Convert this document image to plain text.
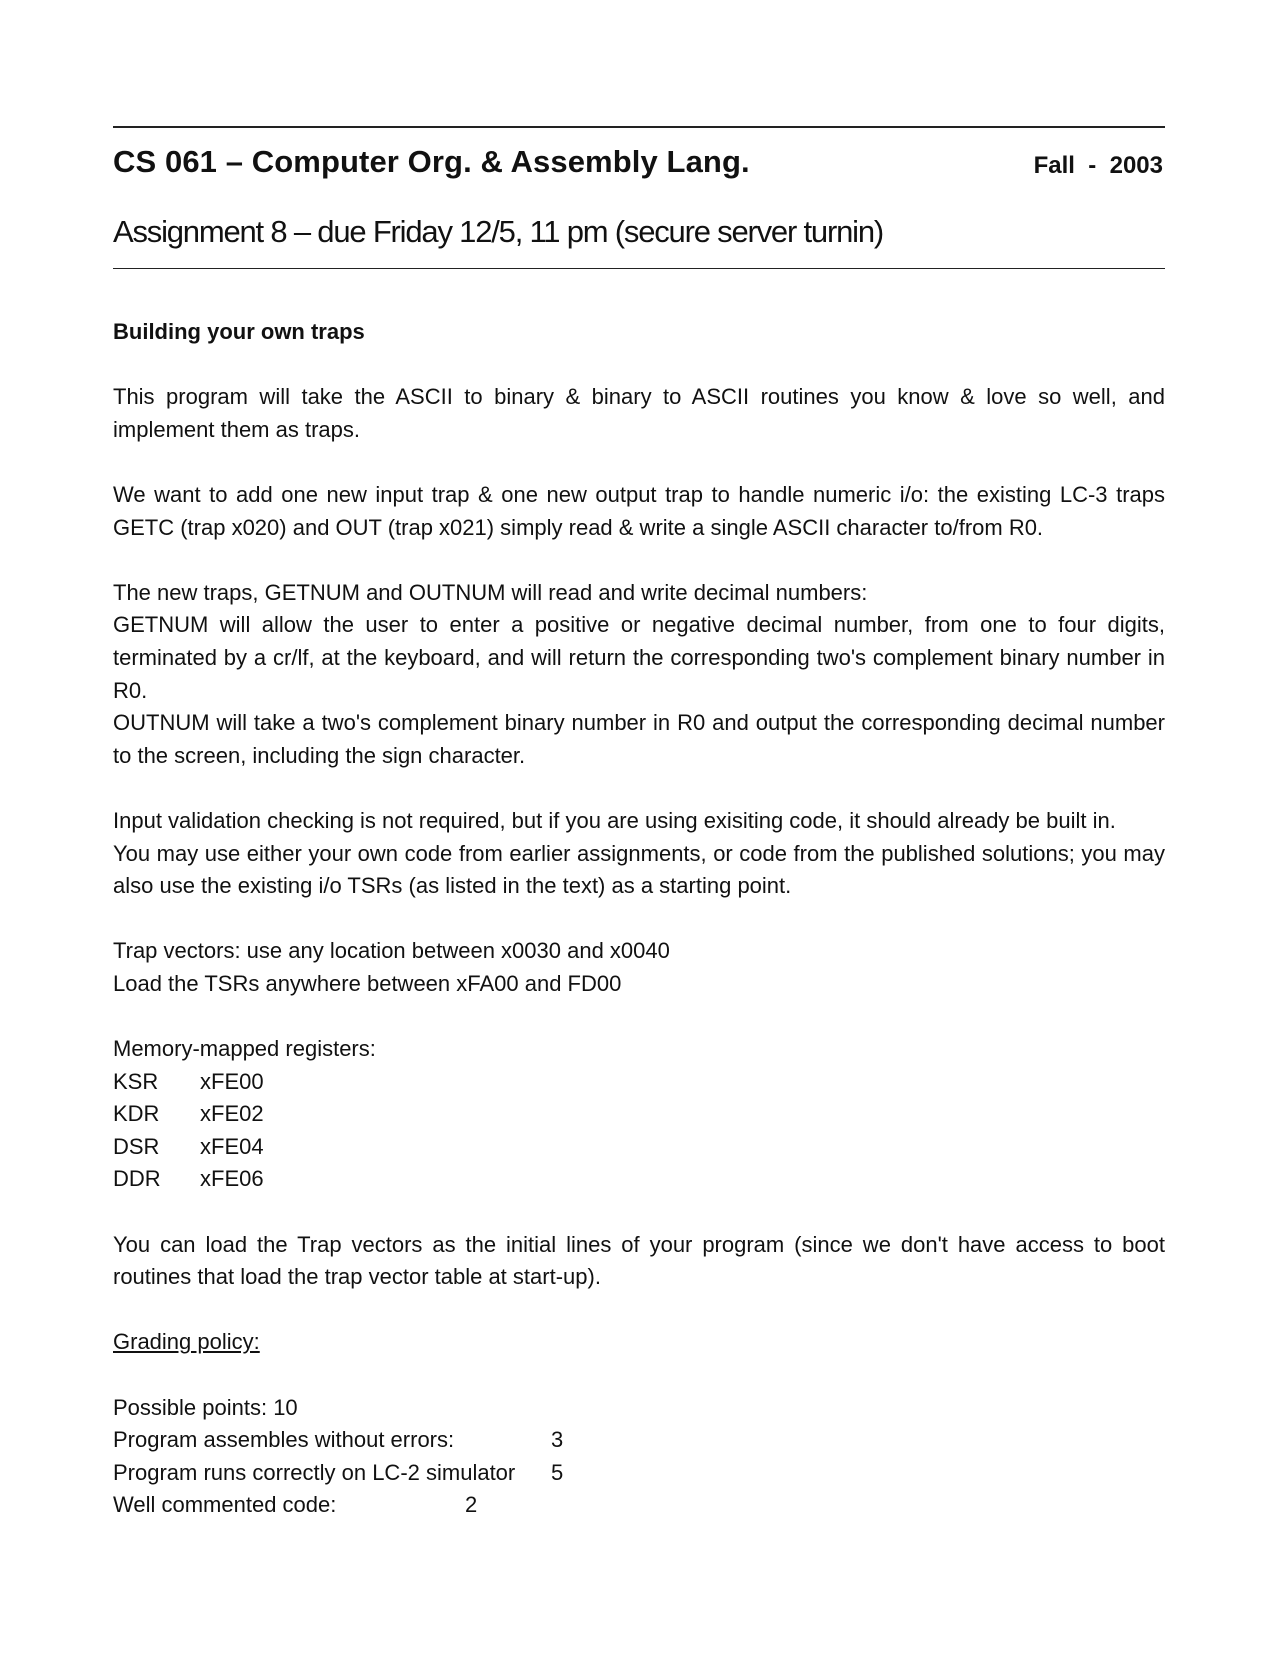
CS 061 – Computer Org. & Assembly Lang.	Fall  -  2003
Assignment 8 – due Friday 12/5, 11 pm (secure server turnin)

Building your own traps

This program will take the ASCII to binary & binary to ASCII routines you know & love so well, and implement them as traps.

We want to add one new input trap & one new output trap to handle numeric i/o: the existing LC-3 traps GETC (trap x020) and OUT (trap x021) simply read & write a single ASCII character to/from R0.

The new traps, GETNUM and OUTNUM will read and write decimal numbers:

GETNUM will allow the user to enter a positive or negative decimal number, from one to four digits, terminated by a cr/lf, at the keyboard, and will return the corresponding two's complement binary number in R0.

OUTNUM will take a two's complement binary number in R0 and output the corresponding decimal number to the screen, including the sign character.

Input validation checking is not required, but if you are using exisiting code, it should already be built in.

You may use either your own code from earlier assignments, or code from the published solutions; you may also use the existing i/o TSRs (as listed in the text) as a starting point.

Trap vectors: use any location between x0030 and x0040

Load the TSRs anywhere between xFA00 and FD00

Memory-mapped registers:

KSR	xFE00
KDR	xFE02
DSR	xFE04
DDR	xFE06

You can load the Trap vectors as the initial lines of your program (since we don't have access to boot routines that load the trap vector table at start-up).

Grading policy:

Possible points: 10

Program assembles without errors:	3
Program runs correctly on LC-2 simulator	5
Well commented code:	2
